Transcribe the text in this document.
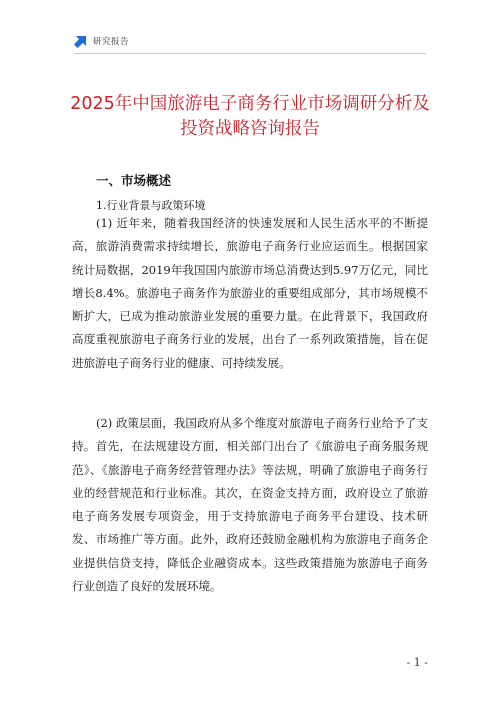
研究报告
2025年中国旅游电子商务行业市场调研分析及投资战略咨询报告
一、市场概述
1.行业背景与政策环境

(1) 近年来，随着我国经济的快速发展和人民生活水平的不断提高，旅游消费需求持续增长，旅游电子商务行业应运而生。根据国家统计局数据，2019年我国国内旅游市场总消费达到5.97万亿元，同比增长8.4%。旅游电子商务作为旅游业的重要组成部分，其市场规模不断扩大，已成为推动旅游业发展的重要力量。在此背景下，我国政府高度重视旅游电子商务行业的发展，出台了一系列政策措施，旨在促进旅游电子商务行业的健康、可持续发展。

(2) 政策层面，我国政府从多个维度对旅游电子商务行业给予了支持。首先，在法规建设方面，相关部门出台了《旅游电子商务服务规范》、《旅游电子商务经营管理办法》等法规，明确了旅游电子商务行业的经营规范和行业标准。其次，在资金支持方面，政府设立了旅游电子商务发展专项资金，用于支持旅游电子商务平台建设、技术研发、市场推广等方面。此外，政府还鼓励金融机构为旅游电子商务企业提供信贷支持，降低企业融资成本。这些政策措施为旅游电子商务行业创造了良好的发展环境。

- 1 -
